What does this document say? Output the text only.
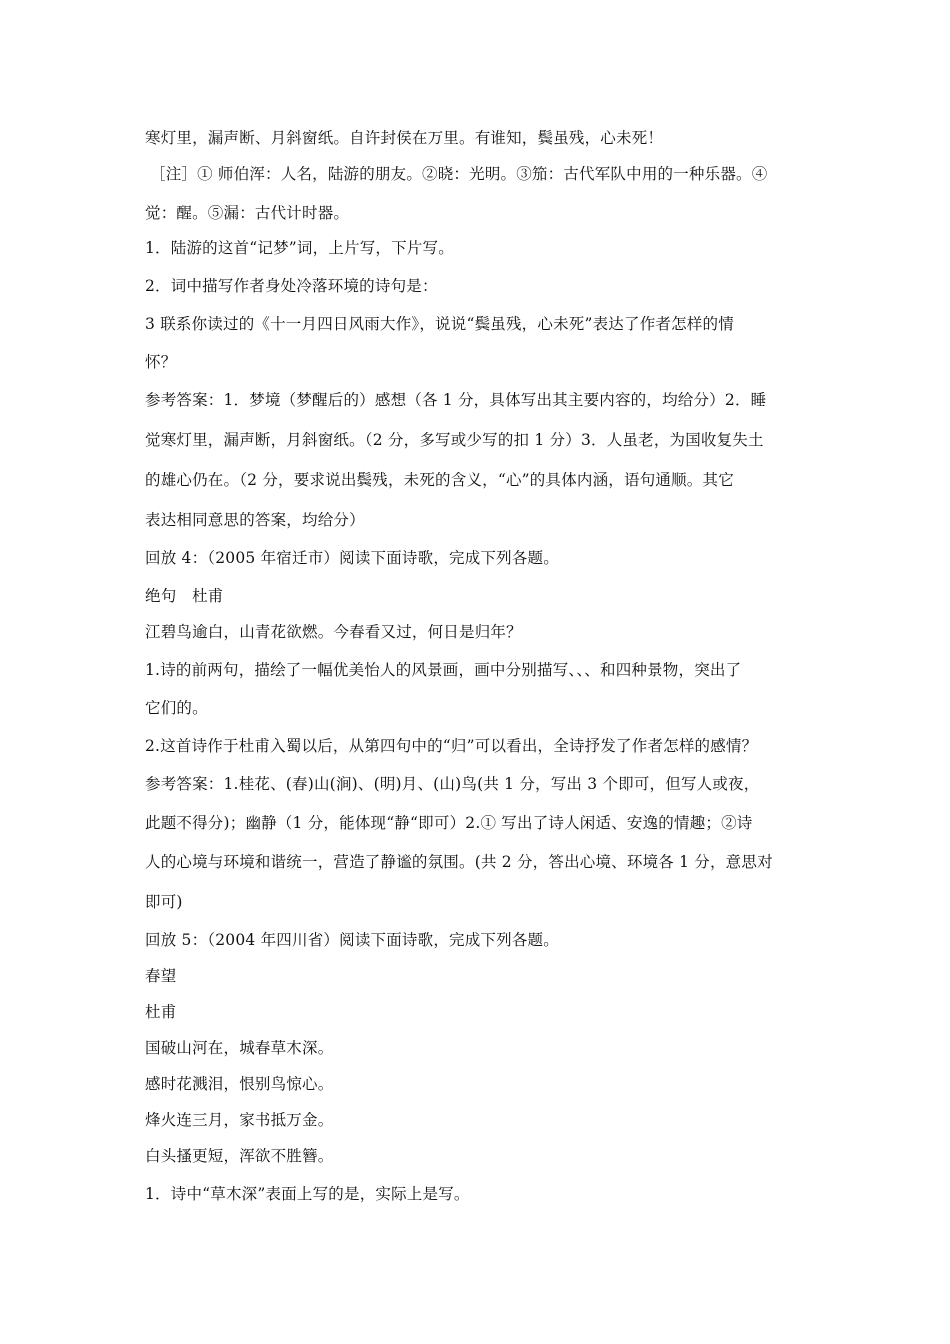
寒灯里，漏声断、月斜窗纸。自许封侯在万里。有谁知，鬓虽残，心未死！
［注］① 师伯浑：人名，陆游的朋友。②晓：光明。③笳：古代军队中用的一种乐器。④
觉：醒。⑤漏：古代计时器。
1．陆游的这首“记梦”词，上片写，下片写。
2．词中描写作者身处冷落环境的诗句是：
3 联系你读过的《十一月四日风雨大作》，说说“鬓虽残，心未死”表达了作者怎样的情
怀？
参考答案：1．梦境（梦醒后的）感想（各 1 分，具体写出其主要内容的，均给分）2．睡
觉寒灯里，漏声断，月斜窗纸。（2 分，多写或少写的扣 1 分）3．人虽老，为国收复失土
的雄心仍在。（2 分，要求说出鬓残，未死的含义，“心”的具体内涵，语句通顺。其它
表达相同意思的答案，均给分）
回放 4：（2005 年宿迁市）阅读下面诗歌，完成下列各题。
绝句　杜甫
江碧鸟逾白，山青花欲燃。今春看又过，何日是归年？
1.诗的前两句，描绘了一幅优美怡人的风景画，画中分别描写、、、和四种景物，突出了
它们的。
2.这首诗作于杜甫入蜀以后，从第四句中的“归”可以看出，全诗抒发了作者怎样的感情？
参考答案：1.桂花、(春)山(涧)、(明)月、(山)鸟(共 1 分，写出 3 个即可，但写人或夜，
此题不得分)；幽静（1 分，能体现“静“即可）2.① 写出了诗人闲适、安逸的情趣；②诗
人的心境与环境和谐统一，营造了静谧的氛围。(共 2 分，答出心境、环境各 1 分，意思对
即可)
回放 5：（2004 年四川省）阅读下面诗歌，完成下列各题。
春望
杜甫
国破山河在，城春草木深。
感时花溅泪，恨别鸟惊心。
烽火连三月，家书抵万金。
白头搔更短，浑欲不胜簪。
1．诗中“草木深”表面上写的是，实际上是写。
